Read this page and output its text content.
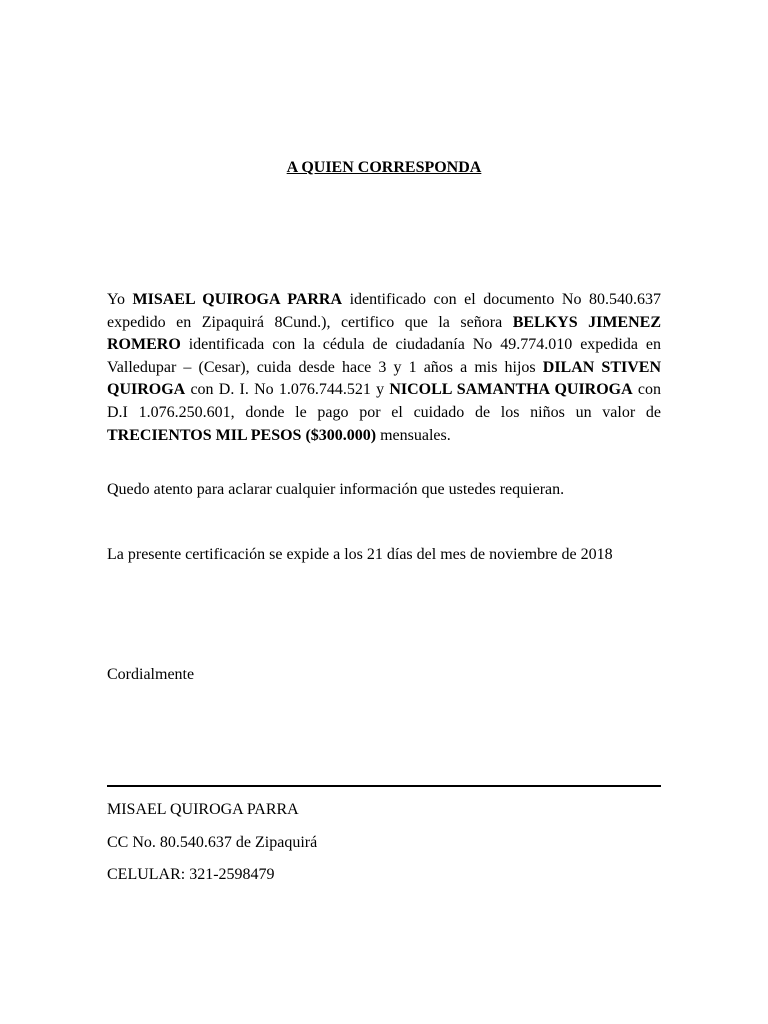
A QUIEN CORRESPONDA

Yo MISAEL QUIROGA PARRA identificado con el documento No 80.540.637 expedido en Zipaquirá 8Cund.), certifico que la señora BELKYS JIMENEZ ROMERO identificada con la cédula de ciudadanía No 49.774.010 expedida en Valledupar – (Cesar), cuida desde hace 3 y 1 años a mis hijos DILAN STIVEN QUIROGA con D. I. No 1.076.744.521 y NICOLL SAMANTHA QUIROGA con D.I 1.076.250.601, donde le pago por el cuidado de los niños un valor de TRECIENTOS MIL PESOS ($300.000) mensuales.

Quedo atento para aclarar cualquier información que ustedes requieran.

La presente certificación se expide a los 21 días del mes de noviembre de 2018

Cordialmente

MISAEL QUIROGA PARRA

CC No. 80.540.637 de Zipaquirá

CELULAR: 321-2598479
